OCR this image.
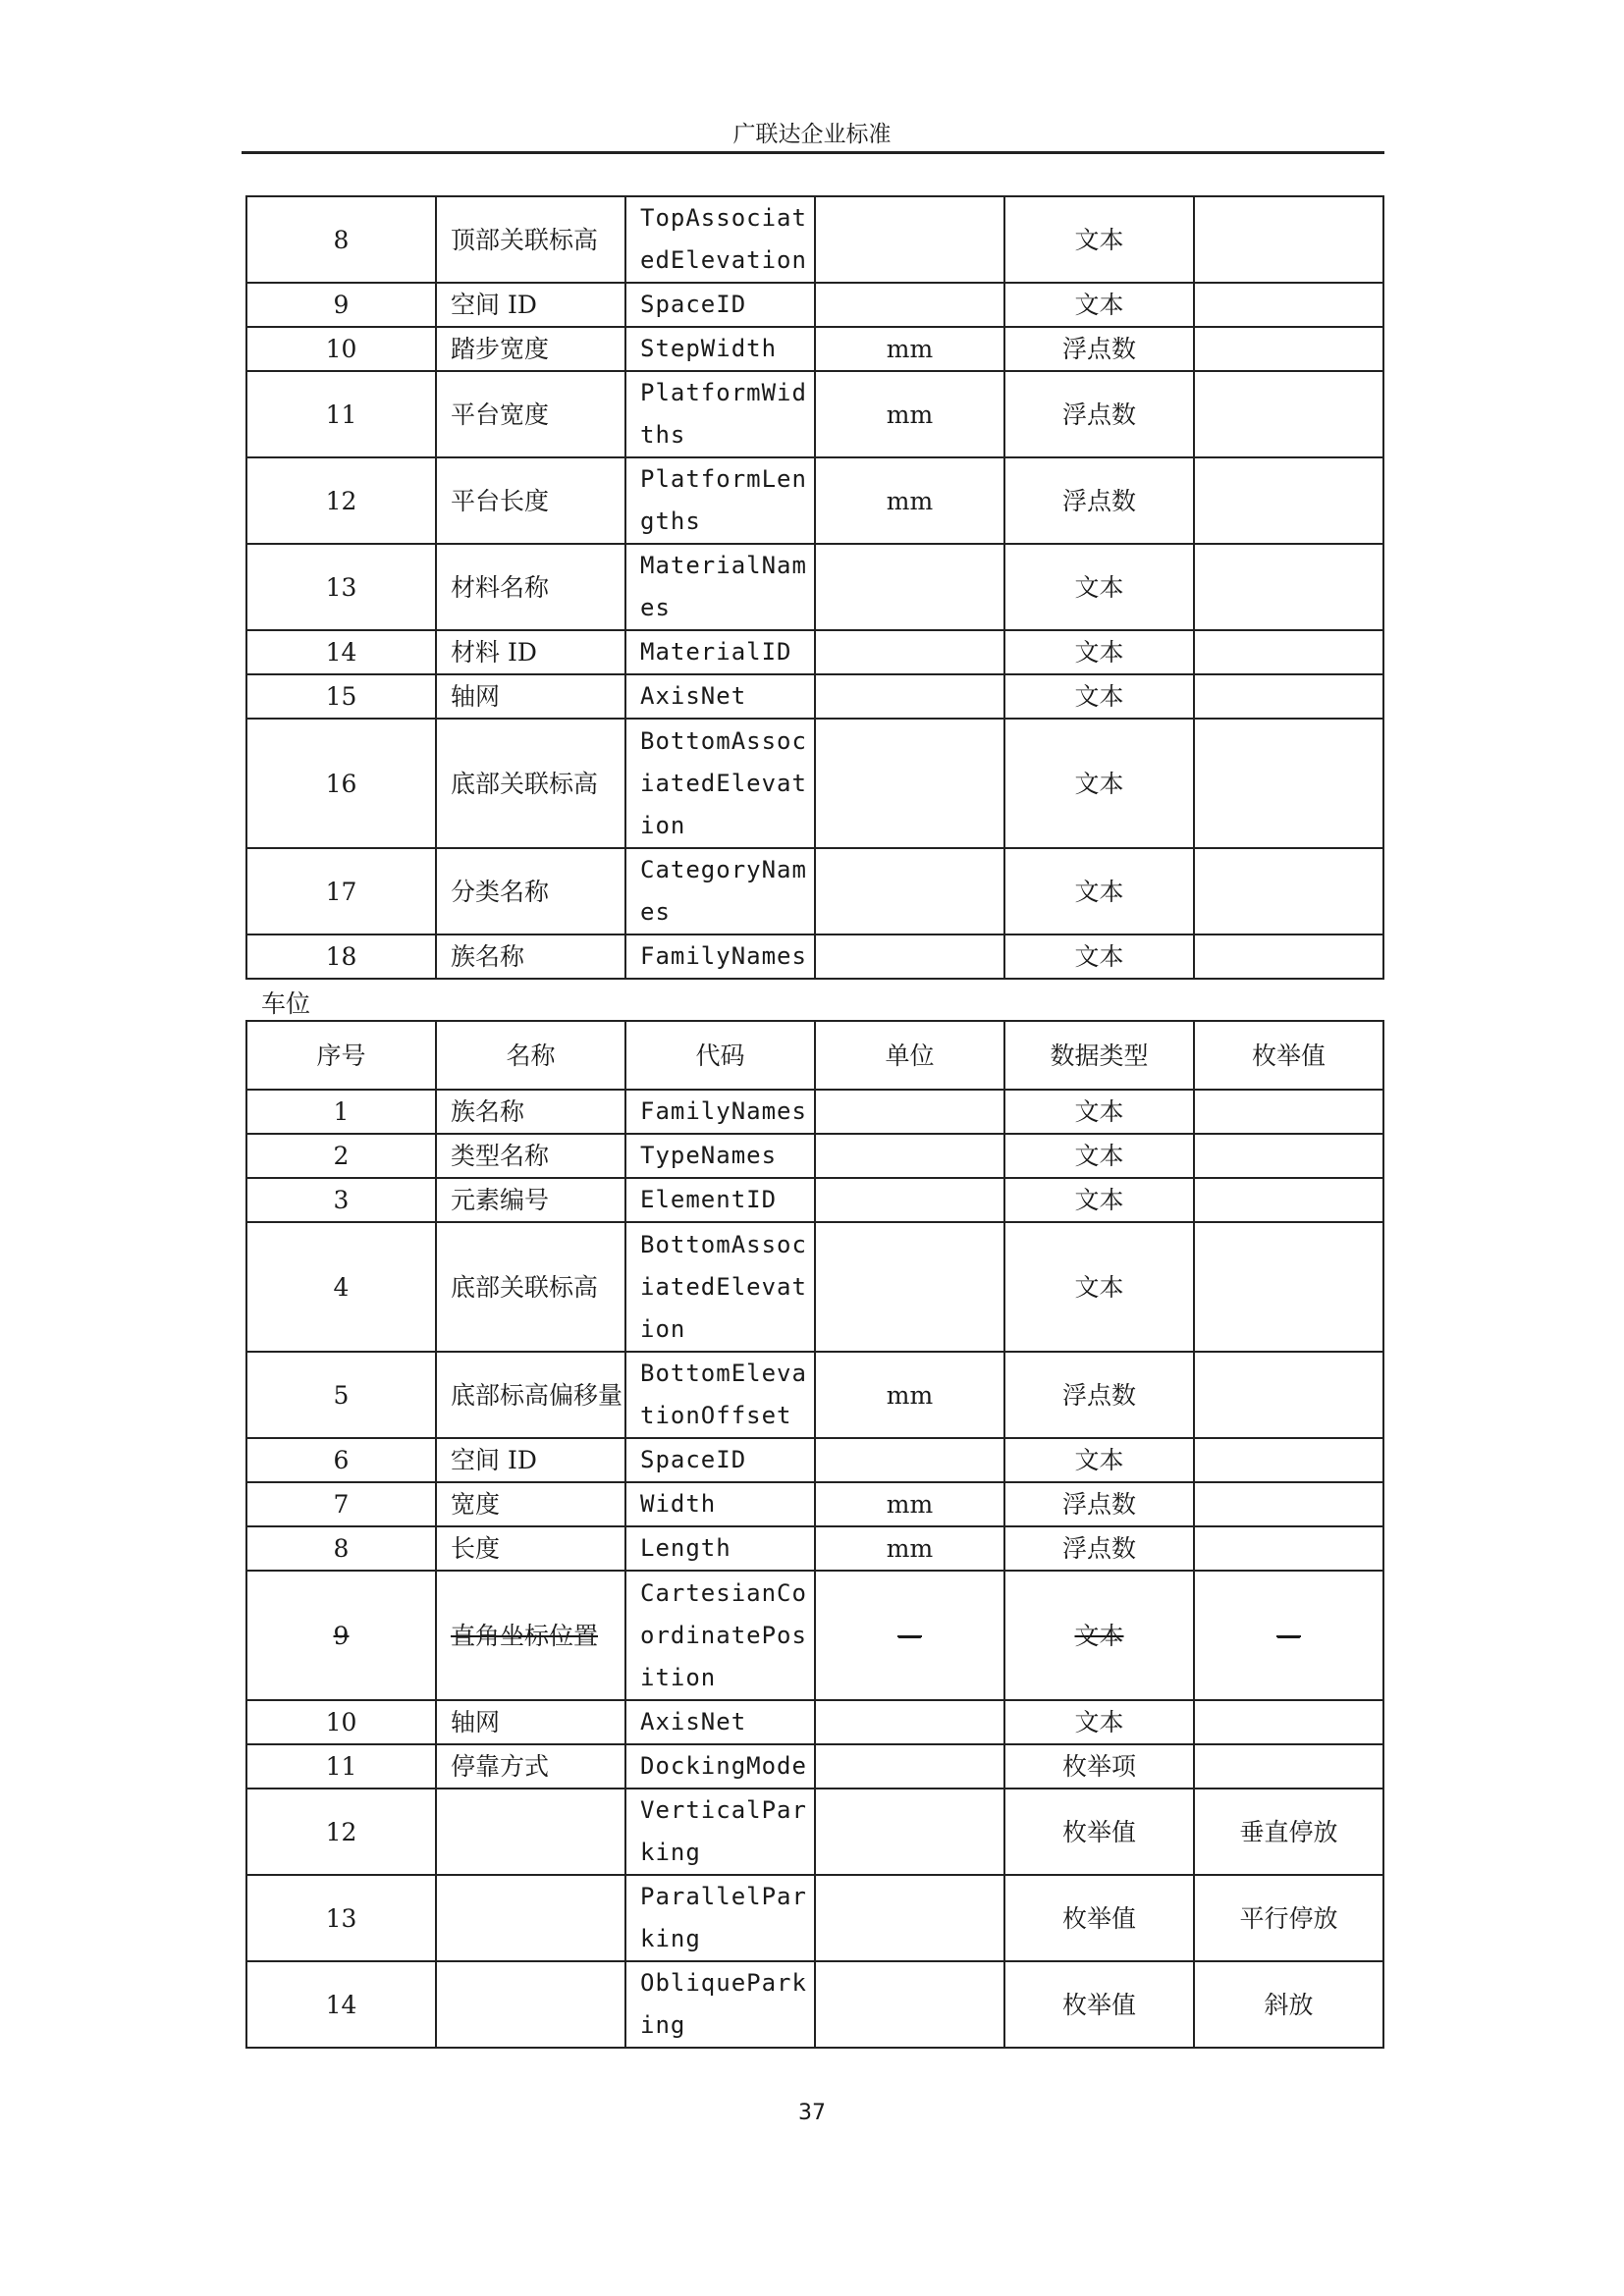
广联达企业标准
8	顶部关联标高	TopAssociatedElevation		文本	
9	空间 ID	SpaceID		文本	
10	踏步宽度	StepWidth	mm	浮点数	
11	平台宽度	PlatformWidths	mm	浮点数	
12	平台长度	PlatformLengths	mm	浮点数	
13	材料名称	MaterialNames		文本	
14	材料 ID	MaterialID		文本	
15	轴网	AxisNet		文本	
16	底部关联标高	BottomAssociatedElevation		文本	
17	分类名称	CategoryNames		文本	
18	族名称	FamilyNames		文本	
车位
序号	名称	代码	单位	数据类型	枚举值
1	族名称	FamilyNames		文本	
2	类型名称	TypeNames		文本	
3	元素编号	ElementID		文本	
4	底部关联标高	BottomAssociatedElevation		文本	
5	底部标高偏移量	BottomElevationOffset	mm	浮点数	
6	空间 ID	SpaceID		文本	
7	宽度	Width	mm	浮点数	
8	长度	Length	mm	浮点数	
9	直角坐标位置	CartesianCoordinatePosition	—	文本	—
10	轴网	AxisNet		文本	
11	停靠方式	DockingMode		枚举项	
12		VerticalParking		枚举值	垂直停放
13		ParallelParking		枚举值	平行停放
14		ObliquePark ing		枚举值	斜放
37
